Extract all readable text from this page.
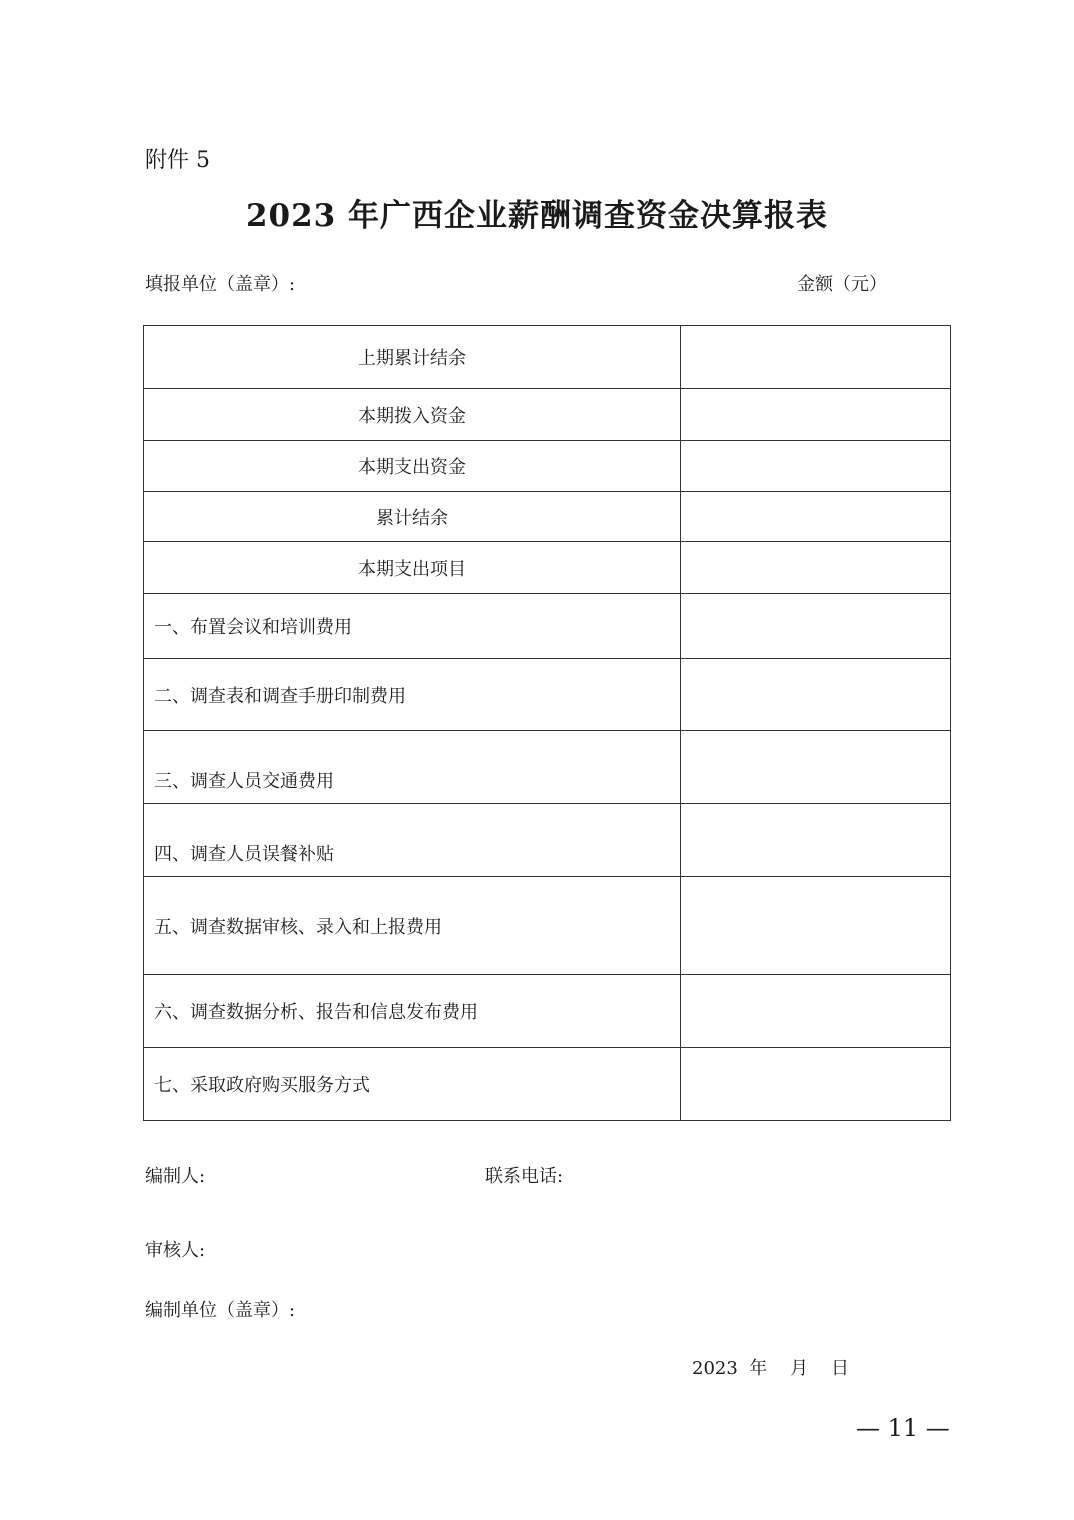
附件 5
2023 年广西企业薪酬调查资金决算报表
填报单位（盖章）:	金额（元）
上期累计结余	
本期拨入资金	
本期支出资金	
累计结余	
本期支出项目	
一、布置会议和培训费用	
二、调查表和调查手册印制费用	
三、调查人员交通费用	
四、调查人员误餐补贴	
五、调查数据审核、录入和上报费用	
六、调查数据分析、报告和信息发布费用	
七、采取政府购买服务方式	
编制人:	联系电话:
审核人:
编制单位（盖章）:
2023  年    月    日
— 11 —
